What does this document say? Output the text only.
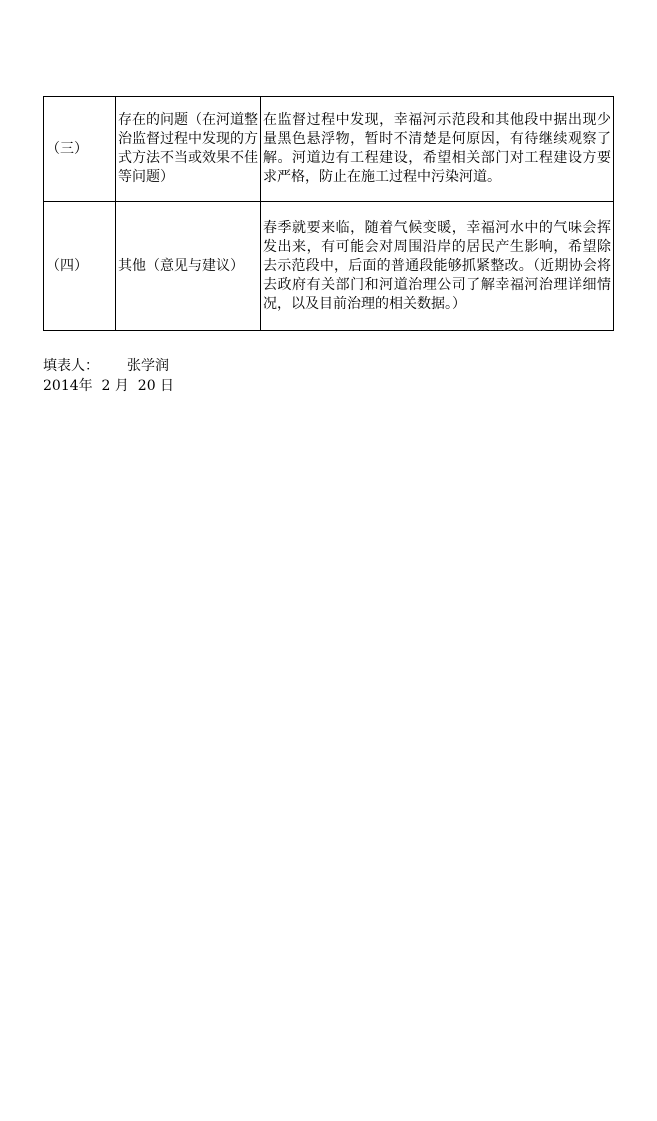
（三）	存在的问题（在河道整治监督过程中发现的方式方法不当或效果不佳等问题）	在监督过程中发现，幸福河示范段和其他段中据出现少量黑色悬浮物，暂时不清楚是何原因，有待继续观察了解。河道边有工程建设，希望相关部门对工程建设方要求严格，防止在施工过程中污染河道。
（四）	其他（意见与建议）	春季就要来临，随着气候变暖，幸福河水中的气味会挥发出来，有可能会对周围沿岸的居民产生影响，希望除去示范段中，后面的普通段能够抓紧整改。（近期协会将去政府有关部门和河道治理公司了解幸福河治理详细情况，以及目前治理的相关数据。）
填表人： 张学润
2014年  2 月  20 日
